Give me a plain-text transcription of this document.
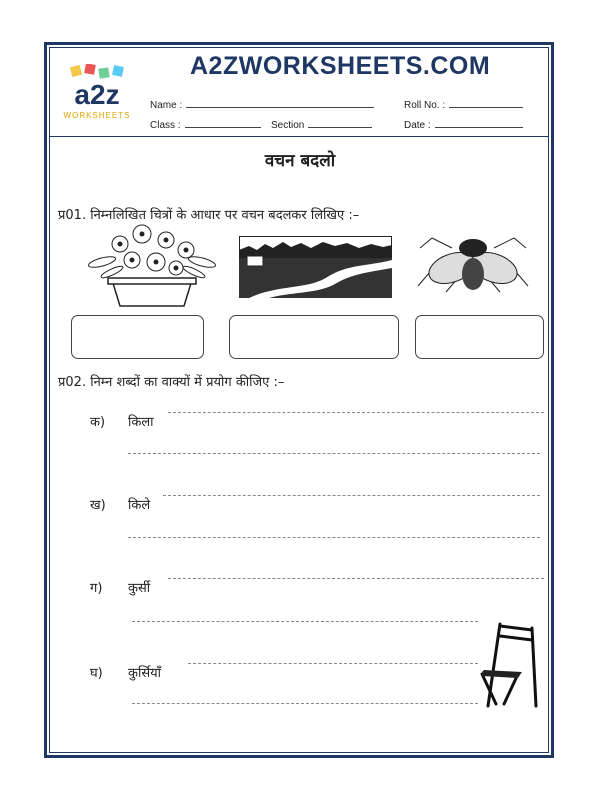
a2z
WORKSHEETS
A2ZWORKSHEETS.COM
Name :	Roll No. :
Class :	Section	Date :
वचन बदलो
प्र01. निम्नलिखित चित्रों के आधार पर वचन बदलकर लिखिए :–
प्र02. निम्न शब्दों का वाक्यों में प्रयोग कीजिए :–
क) किला
ख) किले
ग) कुर्सी
घ) कुर्सियाँ
